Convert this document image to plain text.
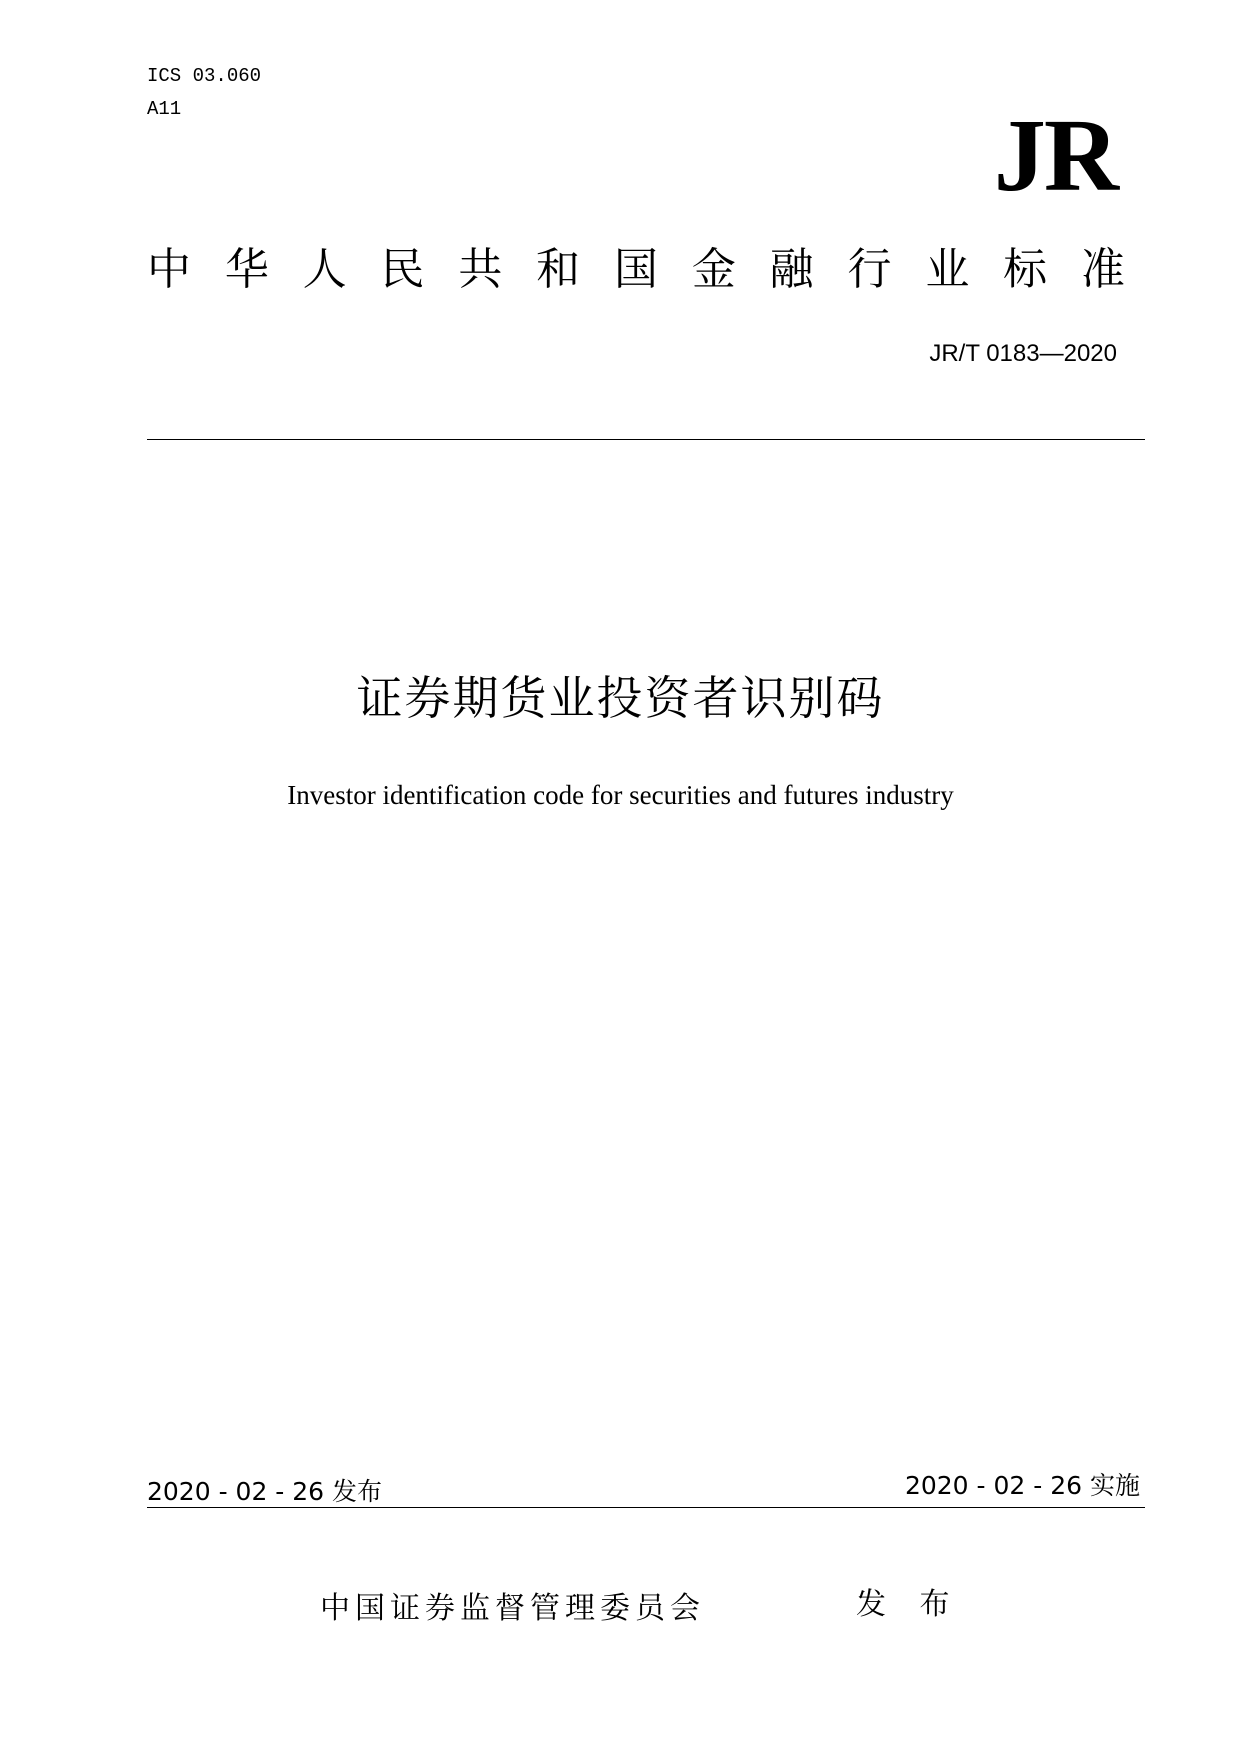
ICS 03.060
A11	JR
中 华 人 民 共 和 国 金 融 行 业 标 准
JR/T 0183—2020
证券期货业投资者识别码
Investor identification code for securities and futures industry
2020 - 02 - 26 发布	2020 - 02 - 26 实施
中国证券监督管理委员会	发 布
